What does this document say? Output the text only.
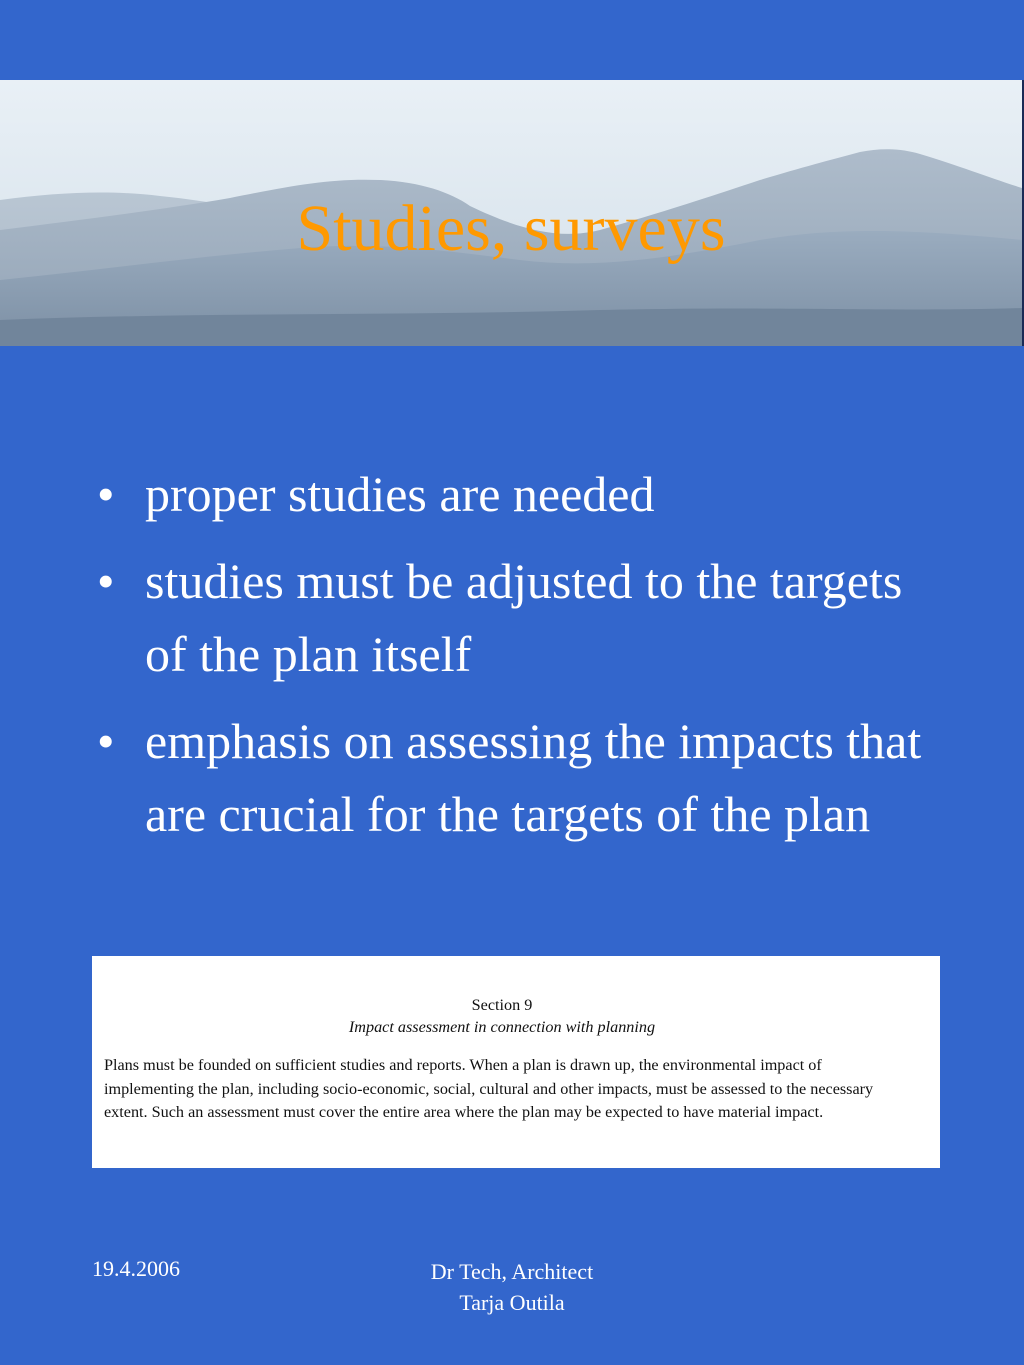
Studies, surveys
• proper studies are needed
• studies must be adjusted to the targets of the plan itself
• emphasis on assessing the impacts that are crucial for the targets of the plan
Section 9
Impact assessment in connection with planning
Plans must be founded on sufficient studies and reports. When a plan is drawn up, the environmental impact of implementing the plan, including socio-economic, social, cultural and other impacts, must be assessed to the necessary extent. Such an assessment must cover the entire area where the plan may be expected to have material impact.
19.4.2006	Dr Tech, Architect
Tarja Outila
